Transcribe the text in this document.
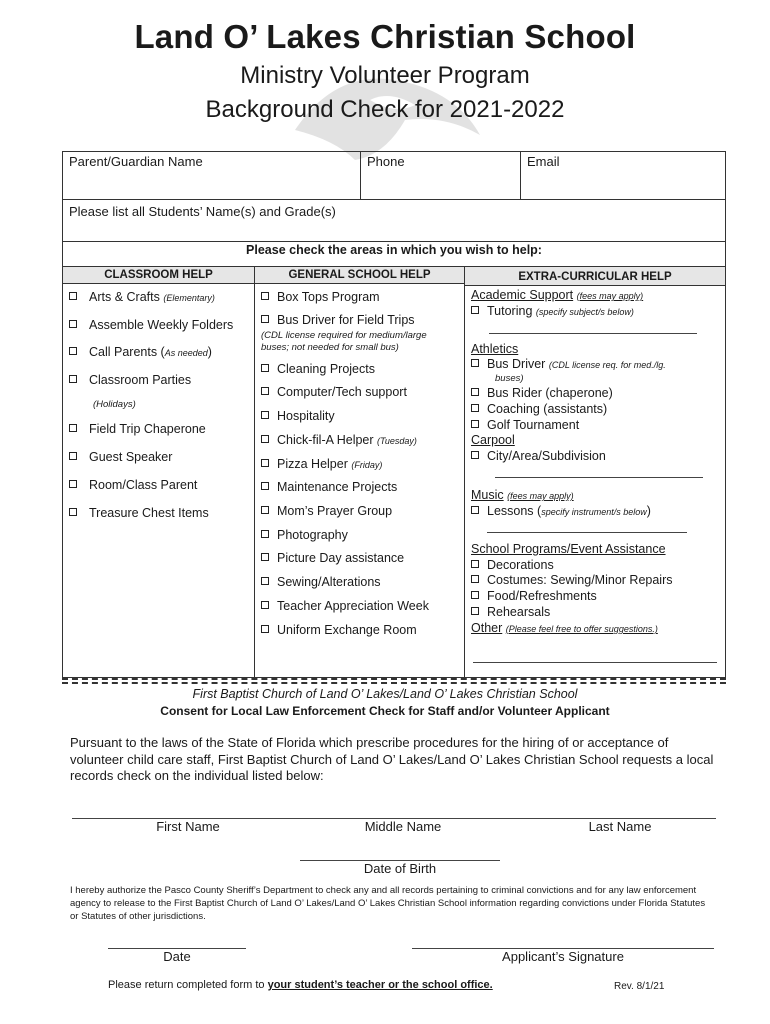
Land O’ Lakes Christian School
Ministry Volunteer Program
Background Check for 2021-2022
Parent/Guardian Name	Phone	Email
Please list all Students’ Name(s) and Grade(s)
Please check the areas in which you wish to help:
CLASSROOM HELP
Arts & Crafts (Elementary)
Assemble Weekly Folders
Call Parents (As needed)
Classroom Parties
(Holidays)
Field Trip Chaperone
Guest Speaker
Room/Class Parent
Treasure Chest Items
GENERAL SCHOOL HELP
Box Tops Program
Bus Driver for Field Trips
(CDL license required for medium/large
buses; not needed for small bus)
Cleaning Projects
Computer/Tech support
Hospitality
Chick-fil-A Helper (Tuesday)
Pizza Helper (Friday)
Maintenance Projects
Mom’s Prayer Group
Photography
Picture Day assistance
Sewing/Alterations
Teacher Appreciation Week
Uniform Exchange Room
EXTRA-CURRICULAR HELP
Academic Support (fees may apply)
Tutoring (specify subject/s below)
Athletics
Bus Driver (CDL license req. for med./lg.
buses)
Bus Rider (chaperone)
Coaching (assistants)
Golf Tournament
Carpool
City/Area/Subdivision
Music (fees may apply)
Lessons (specify instrument/s below)
School Programs/Event Assistance
Decorations
Costumes: Sewing/Minor Repairs
Food/Refreshments
Rehearsals
Other (Please feel free to offer suggestions.)
First Baptist Church of Land O’ Lakes/Land O’ Lakes Christian School
Consent for Local Law Enforcement Check for Staff and/or Volunteer Applicant
Pursuant to the laws of the State of Florida which prescribe procedures for the hiring of or acceptance of volunteer child care staff, First Baptist Church of Land O’ Lakes/Land O’ Lakes Christian School requests a local records check on the individual listed below:
First Name	Middle Name	Last Name
Date of Birth
I hereby authorize the Pasco County Sheriff’s Department to check any and all records pertaining to criminal convictions and for any law enforcement agency to release to the First Baptist Church of Land O’ Lakes/Land O’ Lakes Christian School information regarding convictions under Florida Statutes or Statutes of other jurisdictions.
Date	Applicant’s Signature
Please return completed form to your student’s teacher or the school office.	Rev. 8/1/21
